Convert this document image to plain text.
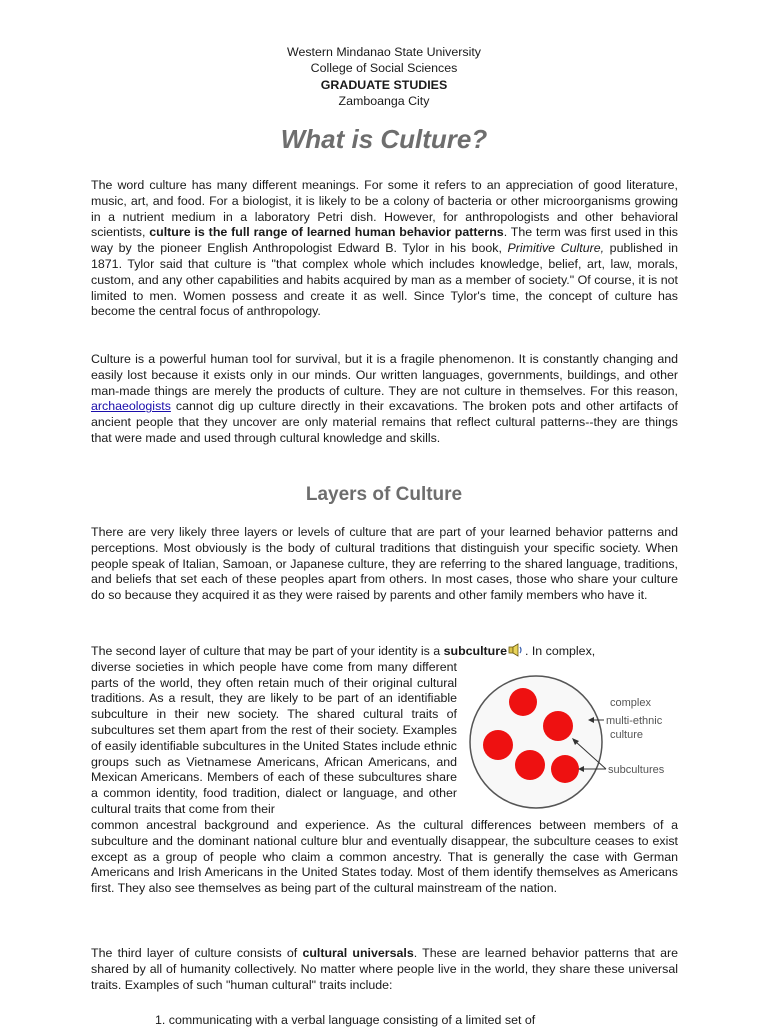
Western Mindanao State University
College of Social Sciences
GRADUATE STUDIES
Zamboanga City
What is Culture?

The word culture has many different meanings. For some it refers to an appreciation of good literature, music, art, and food. For a biologist, it is likely to be a colony of bacteria or other microorganisms growing in a nutrient medium in a laboratory Petri dish. However, for anthropologists and other behavioral scientists, culture is the full range of learned human behavior patterns. The term was first used in this way by the pioneer English Anthropologist Edward B. Tylor in his book, Primitive Culture, published in 1871. Tylor said that culture is "that complex whole which includes knowledge, belief, art, law, morals, custom, and any other capabilities and habits acquired by man as a member of society." Of course, it is not limited to men. Women possess and create it as well. Since Tylor's time, the concept of culture has become the central focus of anthropology.

Culture is a powerful human tool for survival, but it is a fragile phenomenon. It is constantly changing and easily lost because it exists only in our minds. Our written languages, governments, buildings, and other man-made things are merely the products of culture. They are not culture in themselves. For this reason, archaeologists cannot dig up culture directly in their excavations. The broken pots and other artifacts of ancient people that they uncover are only material remains that reflect cultural patterns--they are things that were made and used through cultural knowledge and skills.

Layers of Culture

There are very likely three layers or levels of culture that are part of your learned behavior patterns and perceptions. Most obviously is the body of cultural traditions that distinguish your specific society. When people speak of Italian, Samoan, or Japanese culture, they are referring to the shared language, traditions, and beliefs that set each of these peoples apart from others. In most cases, those who share your culture do so because they acquired it as they were raised by parents and other family members who have it.

The second layer of culture that may be part of your identity is a subculture . In complex,
diverse societies in which people have come from many different parts of the world, they often retain much of their original cultural traditions. As a result, they are likely to be part of an identifiable subculture in their new society. The shared cultural traits of subcultures set them apart from the rest of their society. Examples of easily identifiable subcultures in the United States include ethnic groups such as Vietnamese Americans, African Americans, and Mexican Americans. Members of each of these subcultures share a common identity, food tradition, dialect or language, and other cultural traits that come from their

common ancestral background and experience. As the cultural differences between members of a subculture and the dominant national culture blur and eventually disappear, the subculture ceases to exist except as a group of people who claim a common ancestry. That is generally the case with German Americans and Irish Americans in the United States today. Most of them identify themselves as Americans first. They also see themselves as being part of the cultural mainstream of the nation.

complex
multi-ethnic
culture
subcultures

The third layer of culture consists of cultural universals. These are learned behavior patterns that are shared by all of humanity collectively. No matter where people live in the world, they share these universal traits. Examples of such "human cultural" traits include:

1. communicating with a verbal language consisting of a limited set of
